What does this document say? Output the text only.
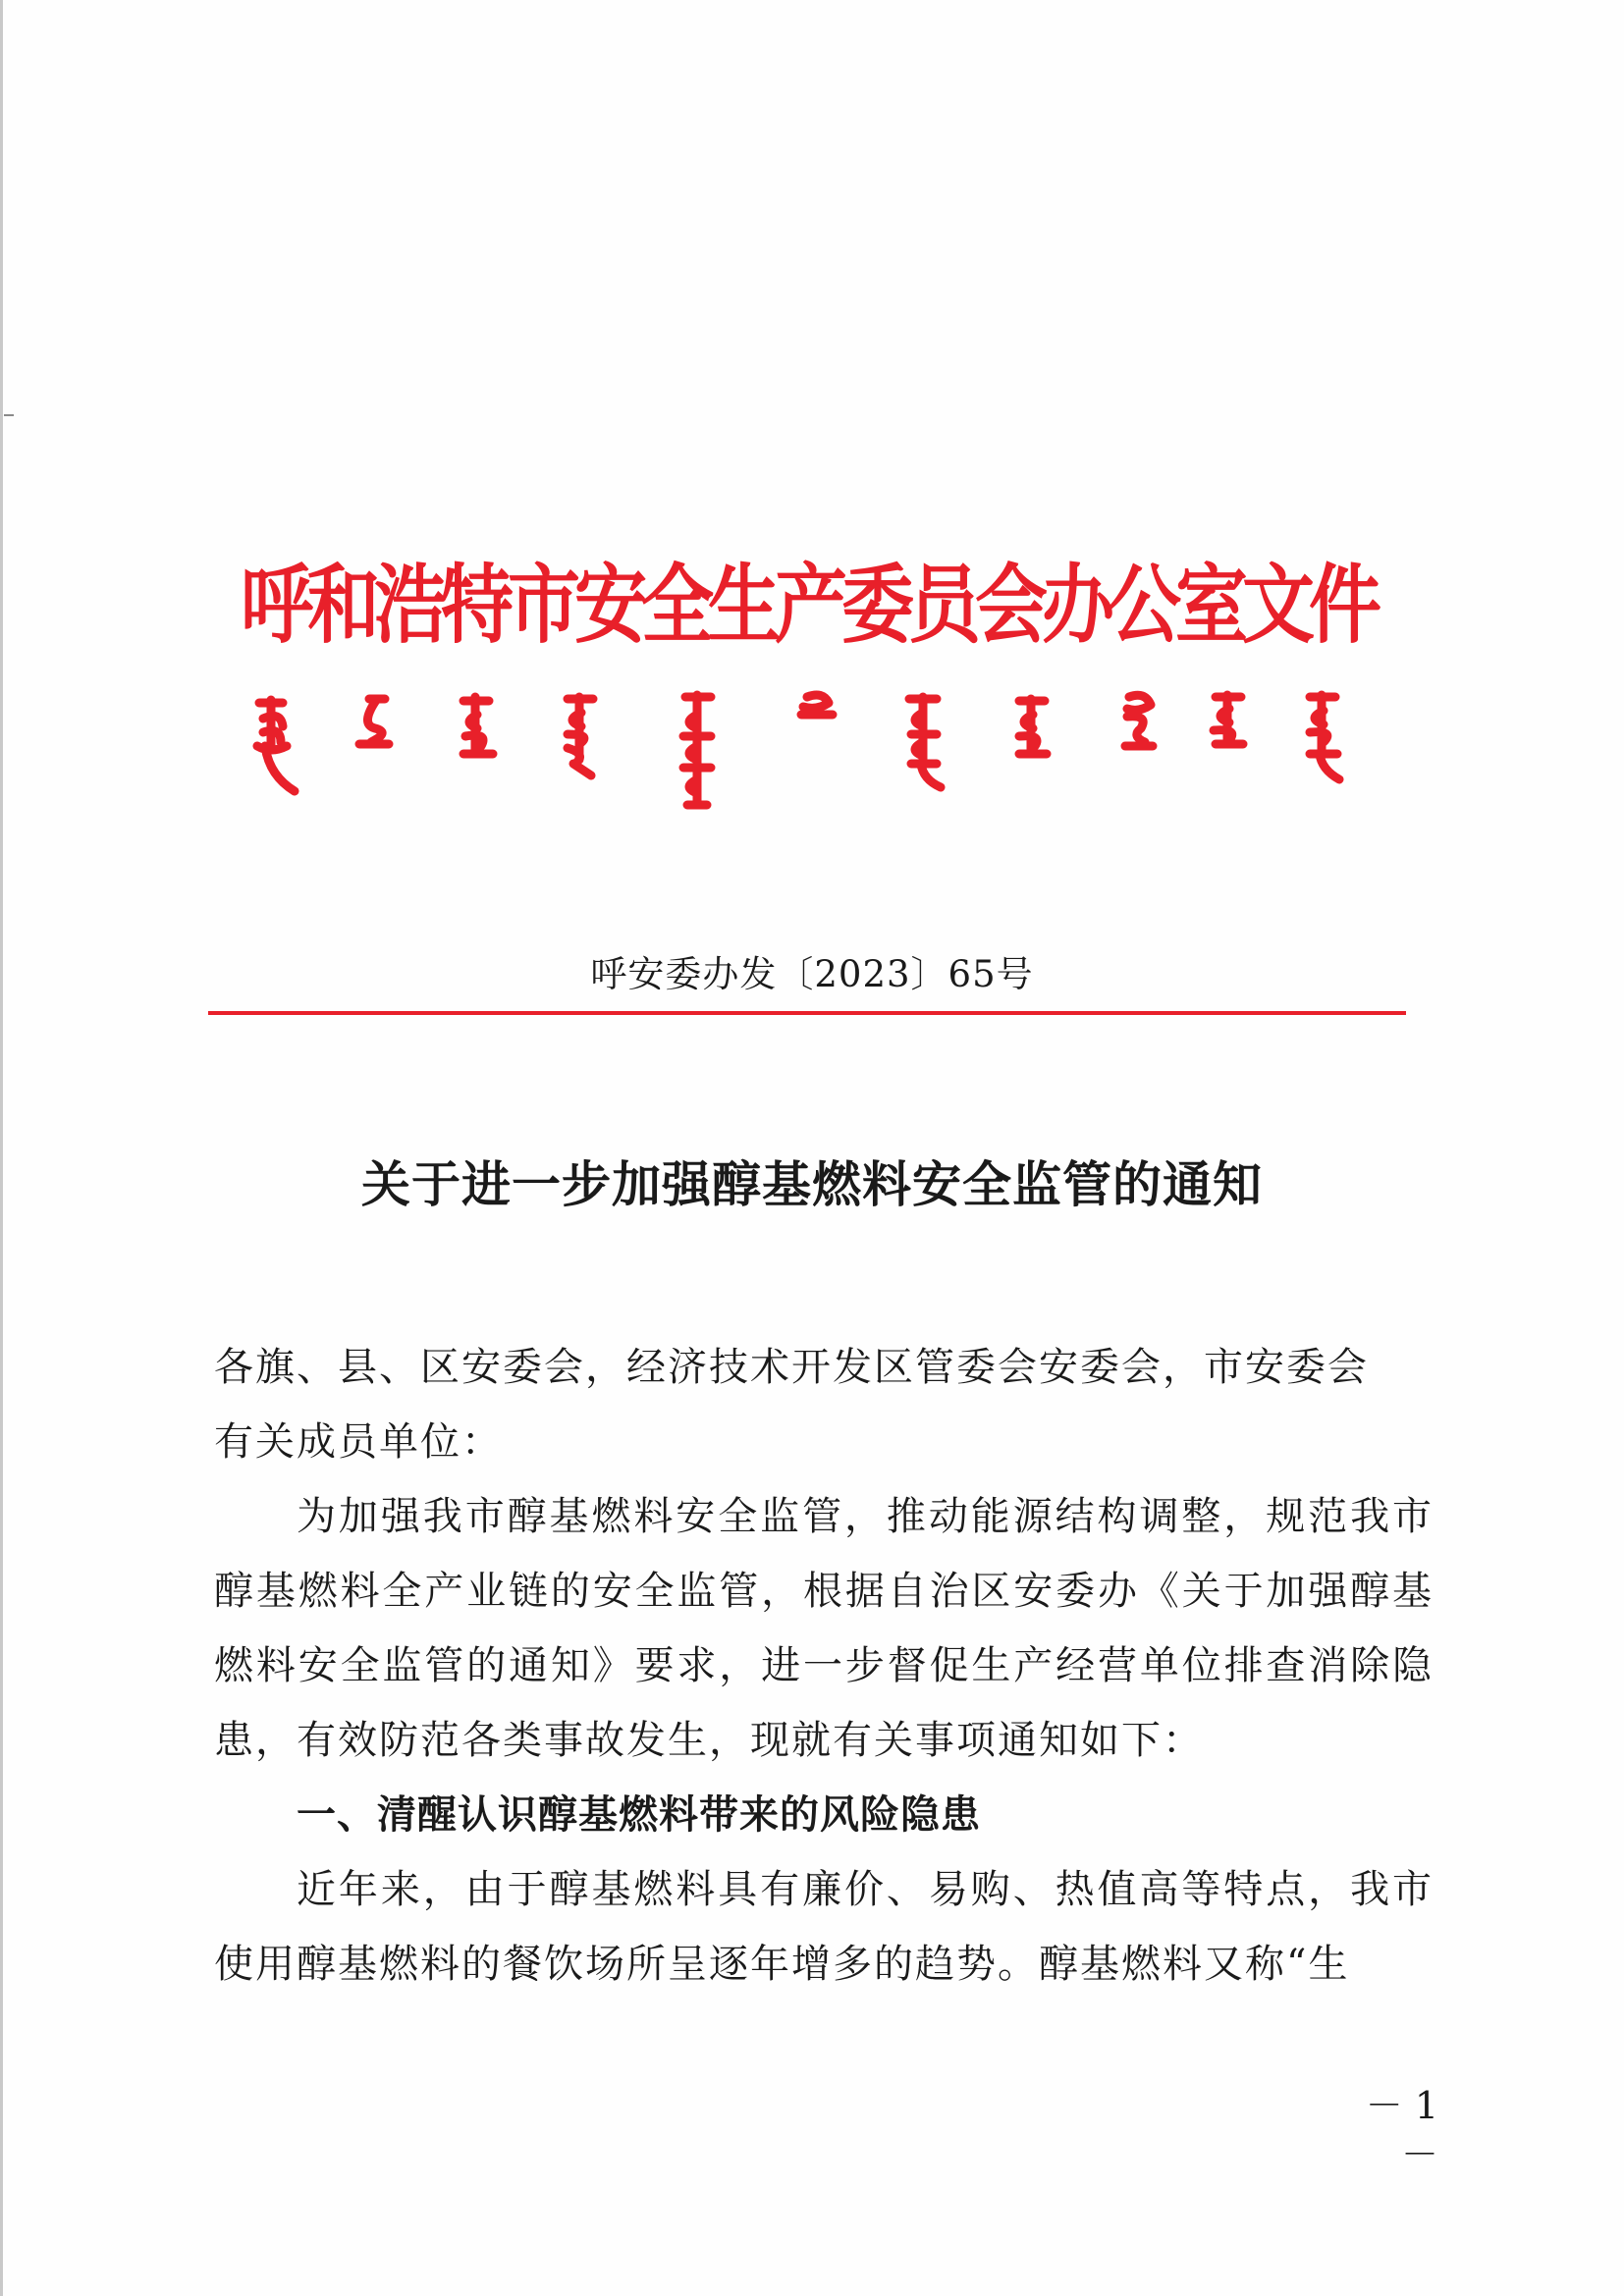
呼和浩特市安全生产委员会办公室文件
呼安委办发〔2023〕65号
关于进一步加强醇基燃料安全监管的通知

各旗、县、区安委会，经济技术开发区管委会安委会，市安委会

有关成员单位：

为加强我市醇基燃料安全监管，推动能源结构调整，规范我市醇基燃料全产业链的安全监管，根据自治区安委办《关于加强醇基燃料安全监管的通知》要求，进一步督促生产经营单位排查消除隐患，有效防范各类事故发生，现就有关事项通知如下：

一、清醒认识醇基燃料带来的风险隐患

近年来，由于醇基燃料具有廉价、易购、热值高等特点，我市使用醇基燃料的餐饮场所呈逐年增多的趋势。醇基燃料又称“生

－ 1 －
